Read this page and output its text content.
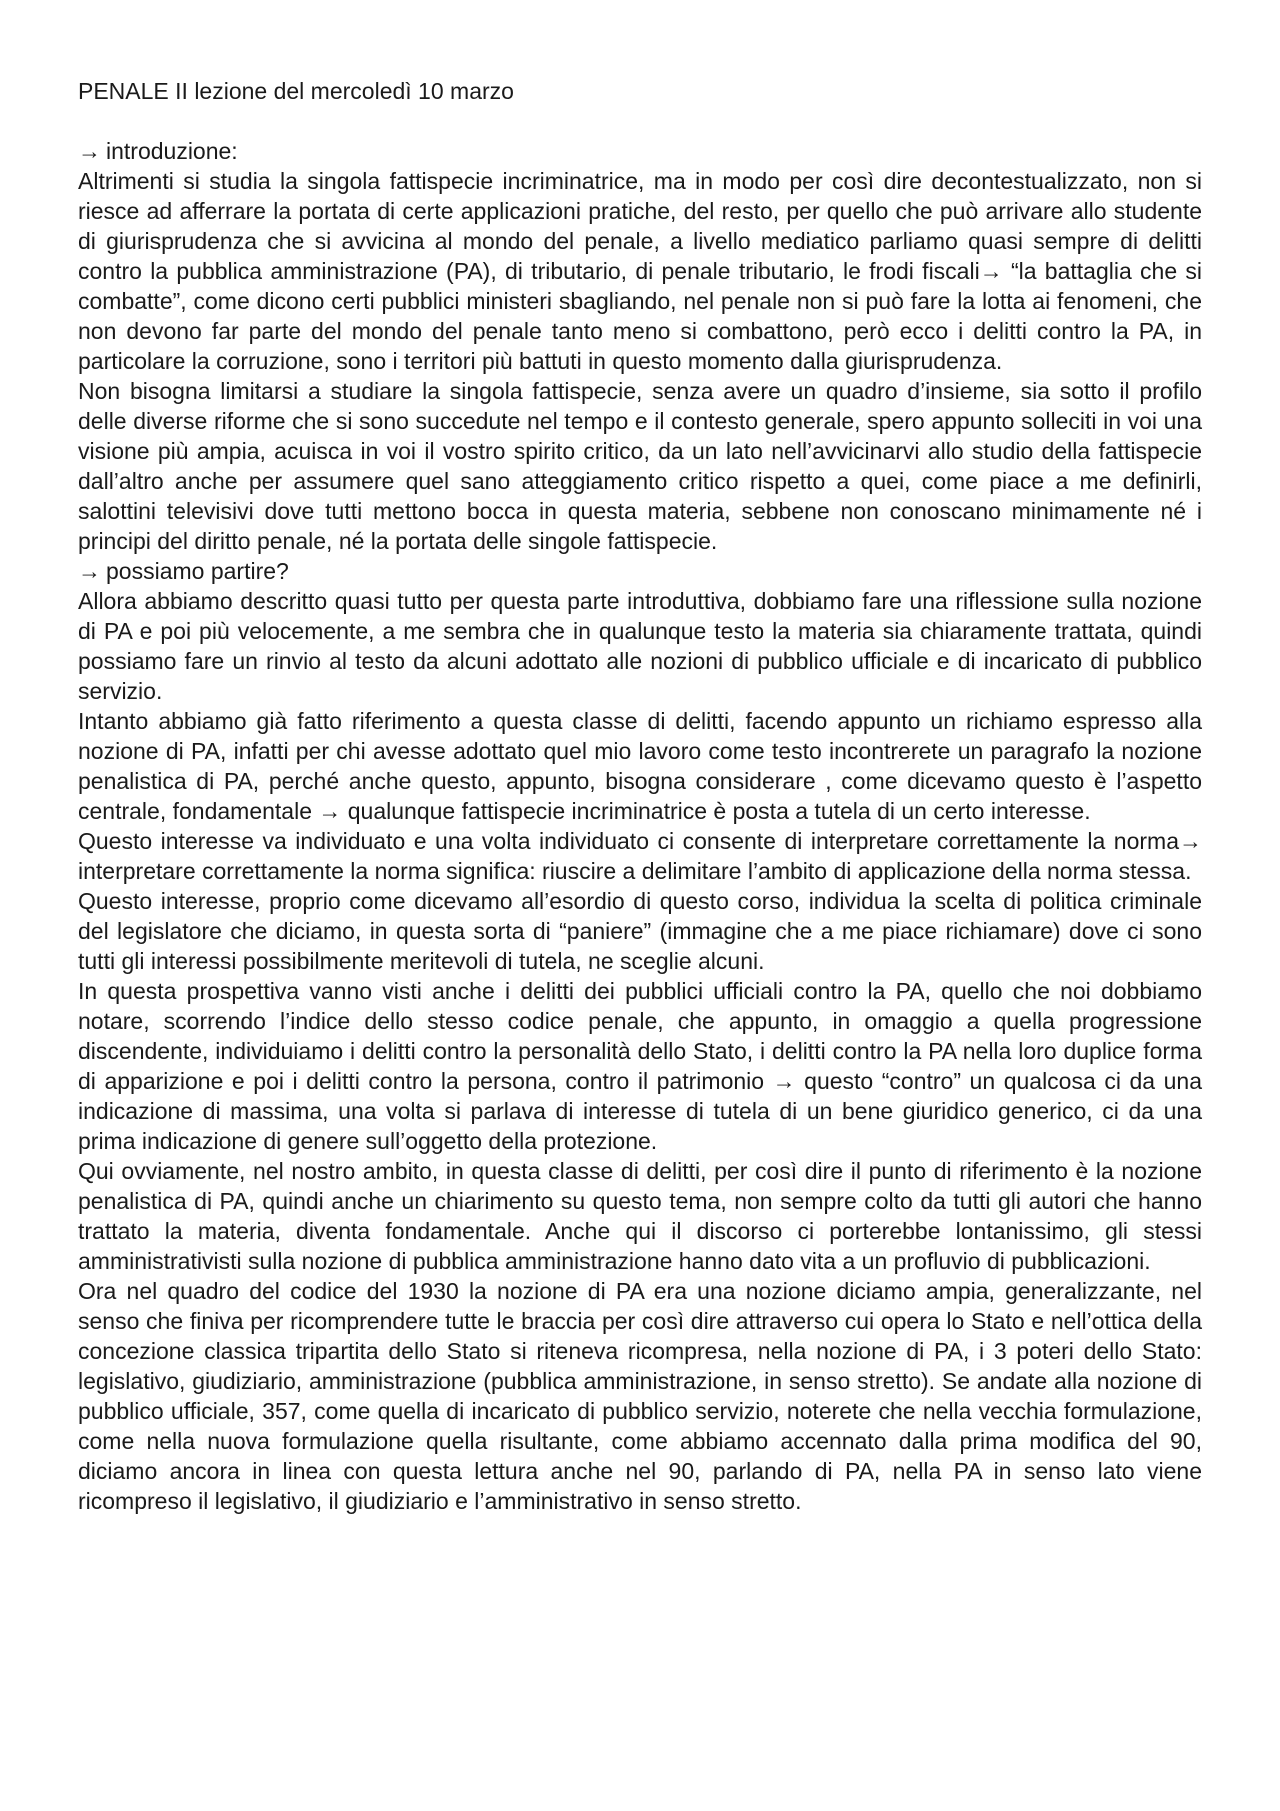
PENALE II lezione del mercoledì 10 marzo
→ introduzione:

Altrimenti si studia la singola fattispecie incriminatrice, ma in modo per così dire decontestualizzato, non si riesce ad afferrare la portata di certe applicazioni pratiche, del resto, per quello che può arrivare allo studente di giurisprudenza che si avvicina al mondo del penale, a livello mediatico parliamo quasi sempre di delitti contro la pubblica amministrazione (PA), di tributario, di penale tributario, le frodi fiscali→ “la battaglia che si combatte”, come dicono certi pubblici ministeri sbagliando, nel penale non si può fare la lotta ai fenomeni, che non devono far parte del mondo del penale tanto meno si combattono, però ecco i delitti contro la PA, in particolare la corruzione, sono i territori più battuti in questo momento dalla giurisprudenza.

Non bisogna limitarsi a studiare la singola fattispecie, senza avere un quadro d’insieme, sia sotto il profilo delle diverse riforme che si sono succedute nel tempo e il contesto generale, spero appunto solleciti in voi una visione più ampia, acuisca in voi il vostro spirito critico, da un lato nell’avvicinarvi allo studio della fattispecie dall’altro anche per assumere quel sano atteggiamento critico rispetto a quei, come piace a me definirli, salottini televisivi dove tutti mettono bocca in questa materia, sebbene non conoscano minimamente né i principi del diritto penale, né la portata delle singole fattispecie.

→ possiamo partire?

Allora abbiamo descritto quasi tutto per questa parte introduttiva, dobbiamo fare una riflessione sulla nozione di PA e poi più velocemente, a me sembra che in qualunque testo la materia sia chiaramente trattata, quindi possiamo fare un rinvio al testo da alcuni adottato alle nozioni di pubblico ufficiale e di incaricato di pubblico servizio.

Intanto abbiamo già fatto riferimento a questa classe di delitti, facendo appunto un richiamo espresso alla nozione di PA, infatti per chi avesse adottato quel mio lavoro come testo incontrerete un paragrafo la nozione penalistica di PA, perché anche questo, appunto, bisogna considerare , come dicevamo questo è l’aspetto centrale, fondamentale → qualunque fattispecie incriminatrice è posta a tutela di un certo interesse.

Questo interesse va individuato e una volta individuato ci consente di interpretare correttamente la norma→ interpretare correttamente la norma significa: riuscire a delimitare l’ambito di applicazione della norma stessa.

Questo interesse, proprio come dicevamo all’esordio di questo corso, individua la scelta di politica criminale del legislatore che diciamo, in questa sorta di “paniere” (immagine che a me piace richiamare) dove ci sono tutti gli interessi possibilmente meritevoli di tutela, ne sceglie alcuni.

In questa prospettiva vanno visti anche i delitti dei pubblici ufficiali contro la PA, quello che noi dobbiamo notare, scorrendo l’indice dello stesso codice penale, che appunto, in omaggio a quella progressione discendente, individuiamo i delitti contro la personalità dello Stato, i delitti contro la PA nella loro duplice forma di apparizione e poi i delitti contro la persona, contro il patrimonio → questo “contro” un qualcosa ci da una indicazione di massima, una volta si parlava di interesse di tutela di un bene giuridico generico, ci da una prima indicazione di genere sull’oggetto della protezione.

Qui ovviamente, nel nostro ambito, in questa classe di delitti, per così dire il punto di riferimento è la nozione penalistica di PA, quindi anche un chiarimento su questo tema, non sempre colto da tutti gli autori che hanno trattato la materia, diventa fondamentale. Anche qui il discorso ci porterebbe lontanissimo, gli stessi amministrativisti sulla nozione di pubblica amministrazione hanno dato vita a un profluvio di pubblicazioni.

Ora nel quadro del codice del 1930 la nozione di PA era una nozione diciamo ampia, generalizzante, nel senso che finiva per ricomprendere tutte le braccia per così dire attraverso cui opera lo Stato e nell’ottica della concezione classica tripartita dello Stato si riteneva ricompresa, nella nozione di PA, i 3 poteri dello Stato: legislativo, giudiziario, amministrazione (pubblica amministrazione, in senso stretto). Se andate alla nozione di pubblico ufficiale, 357, come quella di incaricato di pubblico servizio, noterete che nella vecchia formulazione, come nella nuova formulazione quella risultante, come abbiamo accennato dalla prima modifica del 90, diciamo ancora in linea con questa lettura anche nel 90, parlando di PA, nella PA in senso lato viene ricompreso il legislativo, il giudiziario e l’amministrativo in senso stretto.
